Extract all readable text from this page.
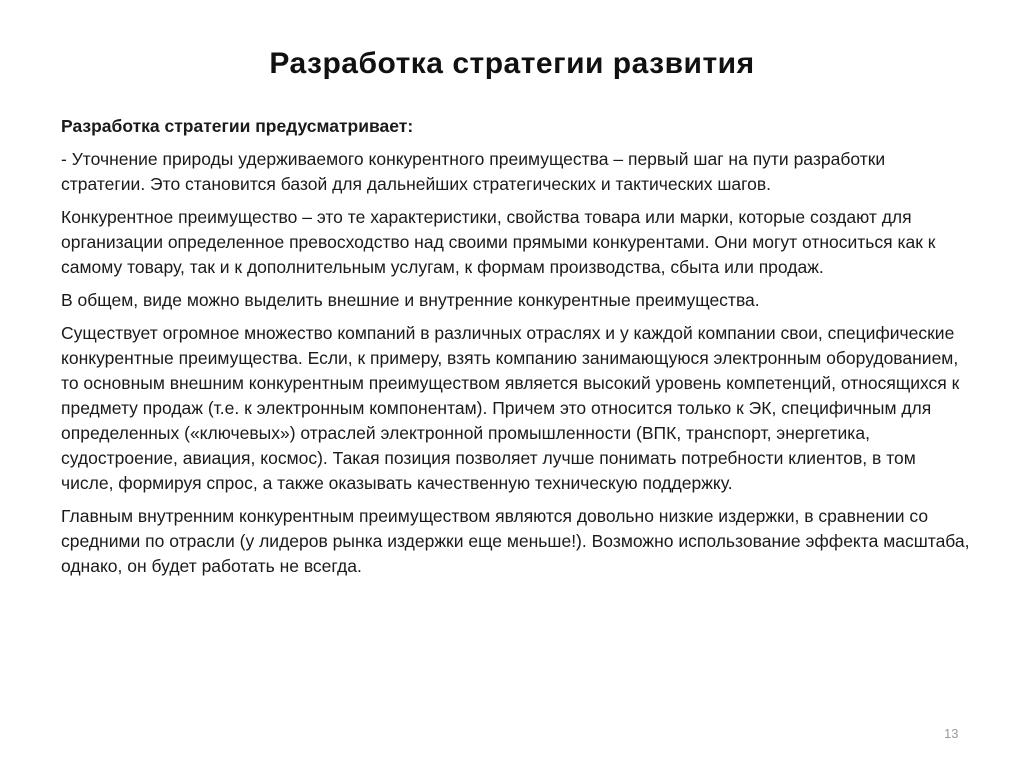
Разработка стратегии развития

Разработка стратегии предусматривает:

- Уточнение природы удерживаемого конкурентного преимущества – первый шаг на пути разработки стратегии. Это становится базой для дальнейших стратегических и тактических шагов.

Конкурентное преимущество – это те характеристики, свойства товара или марки, которые создают для организации определенное превосходство над своими прямыми конкурентами. Они могут относиться как к самому товару, так и к дополнительным услугам, к формам производства, сбыта или продаж.

В общем, виде можно выделить внешние и внутренние конкурентные преимущества.

Существует огромное множество компаний в различных отраслях и у каждой компании свои, специфические конкурентные преимущества. Если, к примеру, взять компанию занимающуюся электронным оборудованием, то основным внешним конкурентным преимуществом является высокий уровень компетенций, относящихся к предмету продаж (т.е. к электронным компонентам). Причем это относится только к ЭК, специфичным для определенных («ключевых») отраслей электронной промышленности (ВПК, транспорт, энергетика, судостроение, авиация, космос). Такая позиция позволяет лучше понимать потребности клиентов, в том числе, формируя спрос, а также оказывать качественную техническую поддержку.

Главным внутренним конкурентным преимуществом являются довольно низкие издержки, в сравнении со средними по отрасли (у лидеров рынка издержки еще меньше!). Возможно использование эффекта масштаба, однако, он будет работать не всегда.

13
